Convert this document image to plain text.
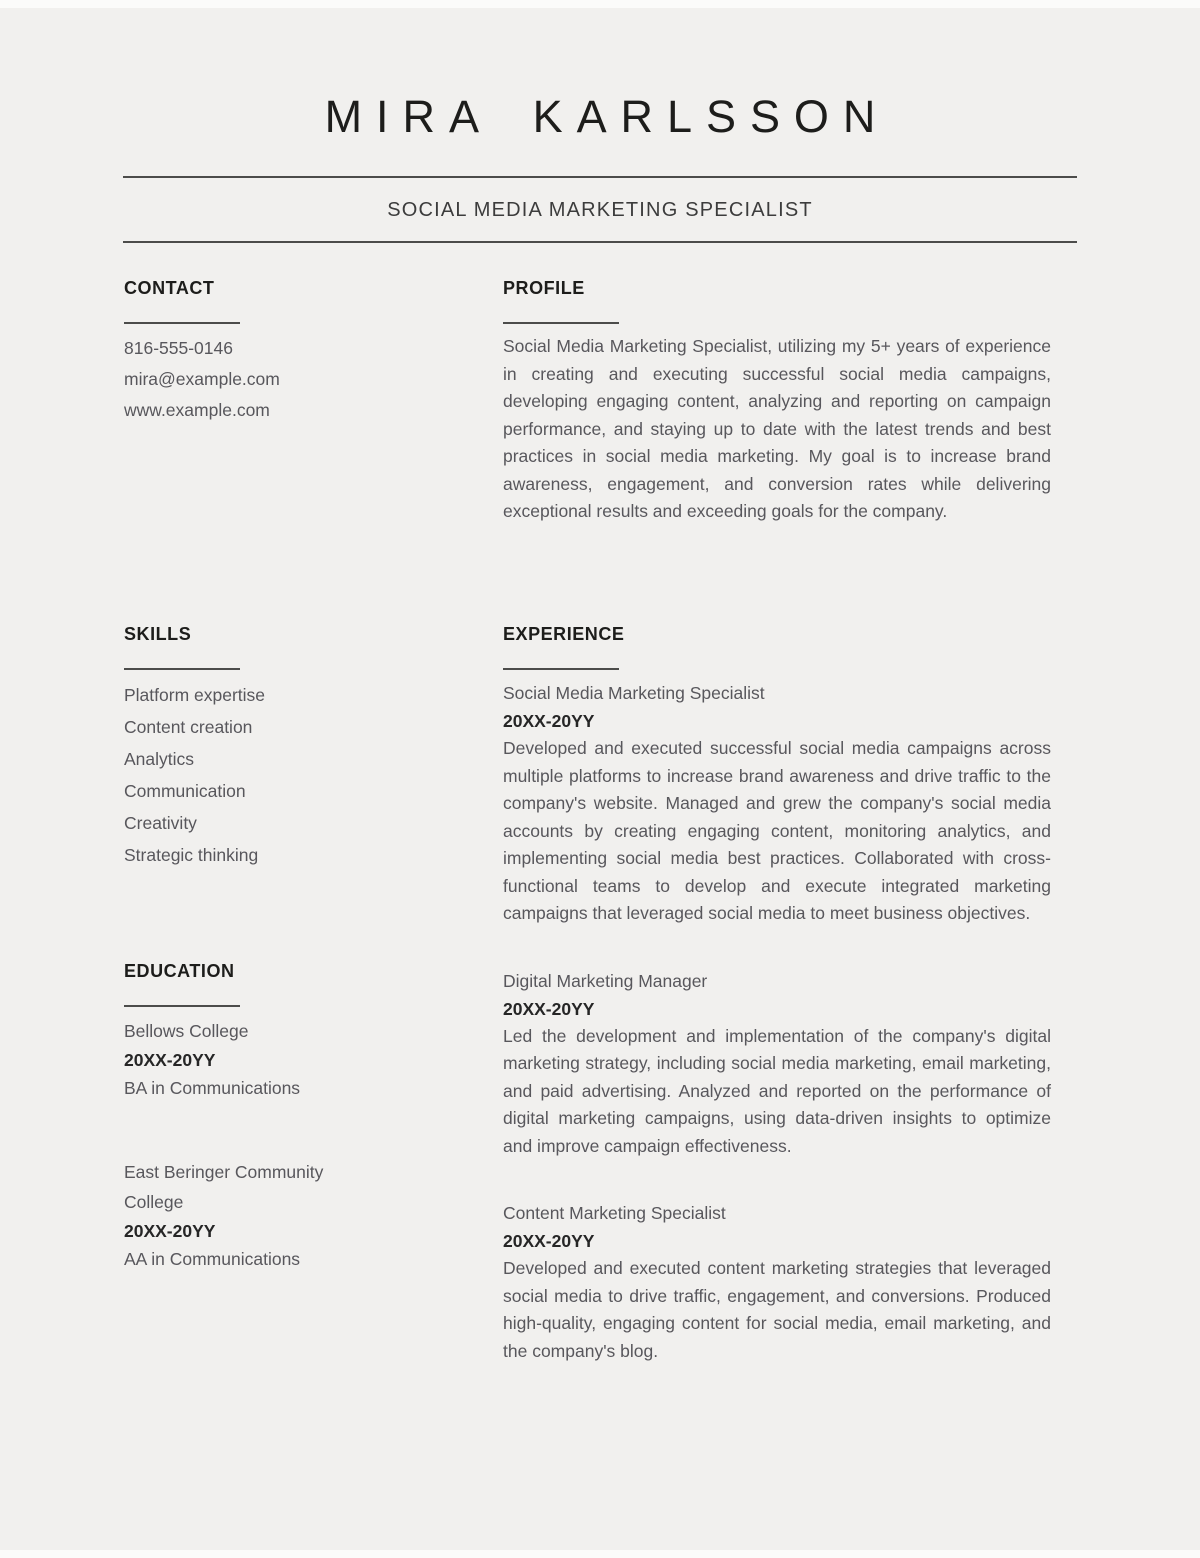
MIRA KARLSSON
SOCIAL MEDIA MARKETING SPECIALIST
CONTACT
816-555-0146
mira@example.com
www.example.com
SKILLS
Platform expertise
Content creation
Analytics
Communication
Creativity
Strategic thinking
EDUCATION
Bellows College
20XX-20YY
BA in Communications
East Beringer Community College
20XX-20YY
AA in Communications
PROFILE
Social Media Marketing Specialist, utilizing my 5+ years of experience in creating and executing successful social media campaigns, developing engaging content, analyzing and reporting on campaign performance, and staying up to date with the latest trends and best practices in social media marketing. My goal is to increase brand awareness, engagement, and conversion rates while delivering exceptional results and exceeding goals for the company.
EXPERIENCE
Social Media Marketing Specialist
20XX-20YY
Developed and executed successful social media campaigns across multiple platforms to increase brand awareness and drive traffic to the company's website. Managed and grew the company's social media accounts by creating engaging content, monitoring analytics, and implementing social media best practices. Collaborated with cross-functional teams to develop and execute integrated marketing campaigns that leveraged social media to meet business objectives.
Digital Marketing Manager
20XX-20YY
Led the development and implementation of the company's digital marketing strategy, including social media marketing, email marketing, and paid advertising. Analyzed and reported on the performance of digital marketing campaigns, using data-driven insights to optimize and improve campaign effectiveness.
Content Marketing Specialist
20XX-20YY
Developed and executed content marketing strategies that leveraged social media to drive traffic, engagement, and conversions. Produced high-quality, engaging content for social media, email marketing, and the company's blog.
